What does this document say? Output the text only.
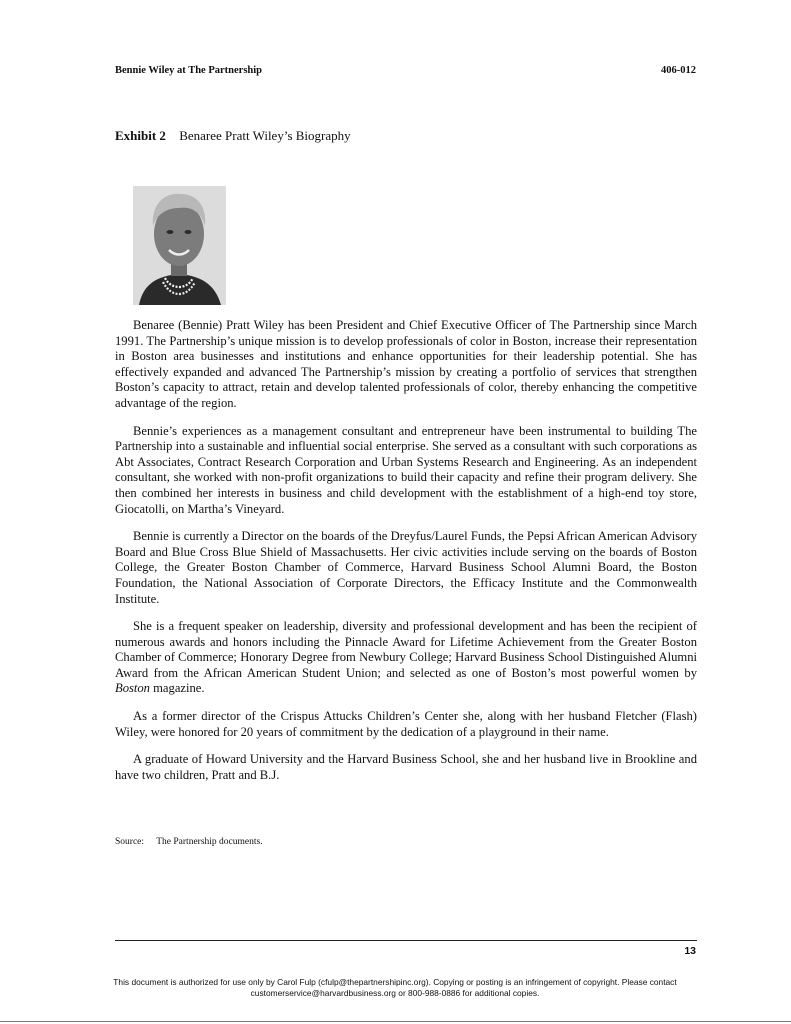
Bennie Wiley at The Partnership	406-012
Exhibit 2 Benaree Pratt Wiley’s Biography

Benaree (Bennie) Pratt Wiley has been President and Chief Executive Officer of The Partnership since March 1991. The Partnership’s unique mission is to develop professionals of color in Boston, increase their representation in Boston area businesses and institutions and enhance opportunities for their leadership potential. She has effectively expanded and advanced The Partnership’s mission by creating a portfolio of services that strengthen Boston’s capacity to attract, retain and develop talented professionals of color, thereby enhancing the competitive advantage of the region.

Bennie’s experiences as a management consultant and entrepreneur have been instrumental to building The Partnership into a sustainable and influential social enterprise. She served as a consultant with such corporations as Abt Associates, Contract Research Corporation and Urban Systems Research and Engineering. As an independent consultant, she worked with non-profit organizations to build their capacity and refine their program delivery. She then combined her interests in business and child development with the establishment of a high-end toy store, Giocatolli, on Martha’s Vineyard.

Bennie is currently a Director on the boards of the Dreyfus/Laurel Funds, the Pepsi African American Advisory Board and Blue Cross Blue Shield of Massachusetts. Her civic activities include serving on the boards of Boston College, the Greater Boston Chamber of Commerce, Harvard Business School Alumni Board, the Boston Foundation, the National Association of Corporate Directors, the Efficacy Institute and the Commonwealth Institute.

She is a frequent speaker on leadership, diversity and professional development and has been the recipient of numerous awards and honors including the Pinnacle Award for Lifetime Achievement from the Greater Boston Chamber of Commerce; Honorary Degree from Newbury College; Harvard Business School Distinguished Alumni Award from the African American Student Union; and selected as one of Boston’s most powerful women by Boston magazine.

As a former director of the Crispus Attucks Children’s Center she, along with her husband Fletcher (Flash) Wiley, were honored for 20 years of commitment by the dedication of a playground in their name.

A graduate of Howard University and the Harvard Business School, she and her husband live in Brookline and have two children, Pratt and B.J.

Source: The Partnership documents.
13
This document is authorized for use only by Carol Fulp (cfulp@thepartnershipinc.org). Copying or posting is an infringement of copyright. Please contact
customerservice@harvardbusiness.org or 800-988-0886 for additional copies.
